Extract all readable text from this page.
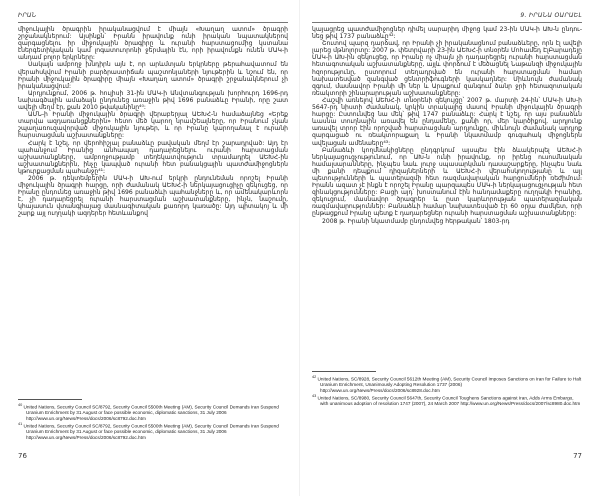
ԻՐԱՆ

միջուկային ծրագրին իրականացվում է միայն «Խաղաղ ատոմ» ծրագրի շրջանակներում: Այսինքն՝ Իրանն իրավունք ունի իրական նպատակներով զարգացնելու իր միջուկային ծրագիրը և ուրանի հարստացումից կստանա էներգետիկական կամ լոգատուորոնի ջերմային էն, որի իրավունքն ունեն ՄԱԿ-ի անդամ բոլոր երկրները:

Սակայն ամբողջ խնդիրն այն է, որ արևմտյան երկրները թերահավատում են վերահսկվում Իրանի բարձրաստիճան պաշտոնյաների նյութերին և նշում են, որ Իրանի միջուկային ծրագիրը միայն «Խաղաղ ատոմ» ծրագրի շրջանակներում չի իրականացվում:

Արդյունքում, 2006 թ. հուլիսի 31-ին ՄԱԿ-ի Անվտանգության խորհուրդ 1696-րդ նախագծային ամաձայն ընդունեց առաջին թիվ 1696 բանաձևը Իրանի, որը շատ ավելի մեղմ էր, քան 2010 թվականինը⁴⁰:

ԱՄՆ-ի Իրանի միջուկային ծրագրի վերաբերյալ ԱԵԽՀ-ն համաձայնեց «Երեք տարվա ազդառանցքներին» հետո մեծ կարող նրամշեալները, որ Իրանում չկան շպաղառուզավորված միջուկային նյութեր, և որ Իրանը կարողանալ է ուրանի հարստացման աշխատանքները:

Հարկ է նշել, որ վերոհիշյալ բանաձևը բավական մեղմ էր շարադրված: Այդ էր պահանջում Իրանից անհապաղ դադարեցնելու ուրանի հարստացման աշխատանքները, ամբողջությամբ տեղեկատվություն տրամադրել ԱԵԽՀ-ին աշխատանքներին, ինչը կապված ուրանի հետ բանակցային պատժամիջոցներն կթուրքացման պահանջը⁴¹:

2006 թ. դեկտեմբերին ՄԱԿ-ի ԱԽ-ում երկրի ընդունեման որոշել Իրանի միջուկային ծրագրի հարցը, որի ժամանակ ԱԵԽՀ-ի ներկայացուցիչը զեկուցեց, որ Իրանը ընդունեց առաջին թիվ 1696 բանաձևի պահանջները և, որ ամենակարևորն է, չի դադարեցրել ուրանի հարստացման աշխատանքները, ինչն, նաշումը, կհայասուն վտանգիայաց մասնագիտական քառորդ կառածը: Այդ պիտակոյ և մի շարք այլ ուղղակի ազդերեր հետևանքով

$^{40}$ United Nations, Security Council SC/8792, Security Council 5500th Meeting (AM), Security Council Demands Iran Suspend Uranium Enrichment by 31 August or face possible economic, diplomatic sanctions, 31 July 2006 http://www.un.org/News/Press/docs/2006/sc8792.doc.htm
$^{41}$ United Nations, Security Council SC/8792, Security Council 5500th Meeting (AM), Security Council Demands Iran Suspend Uranium Enrichment by 31 August or face possible economic, diplomatic sanctions, 31 July 2006 http://www.un.org/News/Press/docs/2006/sc8792.doc.htm
76
9. ԻՐԱՆԱ ՕԱՐԱԵԼ

կայացրեց պատժամիջոցներ դիմել սարարիդ միջոց կամ 23-ին ՄԱԿ-ի ԱԽ-ն ընդունեց թիվ 1737 բանաձևը⁴²:

Շուտով պարզ դարձավ, որ Իրանի չի իրականացնում բանաձևերը, որն էլ ավելի լարեց մթնոլորտը: 2007 թ. փետրվարի 23-ին ԱԵԽՀ-ի տնօրեն Մոհամեդ ԷլԲարադեյը ՄԱԿ-ի ԱԽ-ին զեկուցեց, որ Իրանը ոչ միայն չի դադարեցրել ուրանի հարստացման հետագոտական աշխատանքները, այլև փորձում է մեծացնել Նաթանզի միջուկային հզորությունը, ըստորում տեղադրված են ուրանի հարստացման համար նախատեսված զանգված ցենտրիֆուգների կասկադներ: Միևնույն ժամանակ զգում, մասնավոր Իրանի մի ներ և Արաքում զանգում ծանր ջրի հետազոտական ռեակտորի շինարարության աշխատանքները:

Հաշվի առնելով ԱԵԽՀ-ի տնօրենի զեկույցը՝ 2007 թ. մարտի 24-ին՝ ՄԱԿ-ի ԱԽ-ի 5647-րդ նիստի ժամանակ, կրկին տրակայից մասով Իրանի միջուկային ծրագրի հարցը: Ըստունվեց նա մեկ՝ թիվ 1747 բանաձևը: Հարկ է նշել, որ այս բանաձևն ևասնա տուղնային առավել են ընդամենը, քանի որ, մեր կարծիքով, արդյունք առավել տրոր էին որոշված հարստացման արդյունքը, միևնույն ժամանակ արդյոք զարգացած ու ռեակտորաքաղ և Իրանի նկատմամբ գուգահակ միջոցներն ավելացան ամենաերը⁴³:

Բանաձևի կողմնակիցները ընդգրկում այսպես էին ձևակերպել ԱԵԽՀ-ի ներկայացուցչությունում, որ ԱԽ-ն ունի իրավունք, որ իրենց ուսումնական համալսարանները, ինչպես նաև լուրջ սպասարկման դասաշարքերը, ինչպես նաև մի քանի դեպքում դիզայներների և ԱԵԽՀ-ի վերահսկողությանը և այլ պետությունների և պատերազմի հետ ռազմավարական հարցումների ռեժիմում։ Իրանն ազատ չէ ինքն է որոշել Իրանը պարզապես ՄԱԿ-ի ներկայացուցչության հետ զինակցությունները: Բացի այդ՝ խոստանում էին հանդամաքերը ուղղակի Իրանից, զեկուցում, մասնավոր ծրագրեր և ըստ կարևորության պատերազմական ռազմավարություններ: Բանաձևի համար նախատեսված էր 60 օրյա ժամկետ, որի ընթացքում Իրանը պետք է դադարեցներ ուրանի հարստացման աշխատանքները:

2008 թ. Իրանի նկատմամբ ընդունվեց հերթական՝ 1803-րդ

$^{42}$ United Nations, SC/8928, Security Council 5612th Meeting (AM), Security Council Imposes Sanctions on Iran for Failure to Halt Uranium Enrichment, Unanimously Adopting Resolution 1737 (2006) http://www.un.org/News/Press/docs/2006/sc8928.doc.htm
$^{43}$ United Nations, SC/8980, Security Council 5647th, Security Council Toughens Sanctions against Iran, Adds Arms Embargo, with unanimous adoption of resolution 1747 (2007), 24 March 2007 http://www.un.org/News/Press/docs/2007/sc8980.doc.htm
77
